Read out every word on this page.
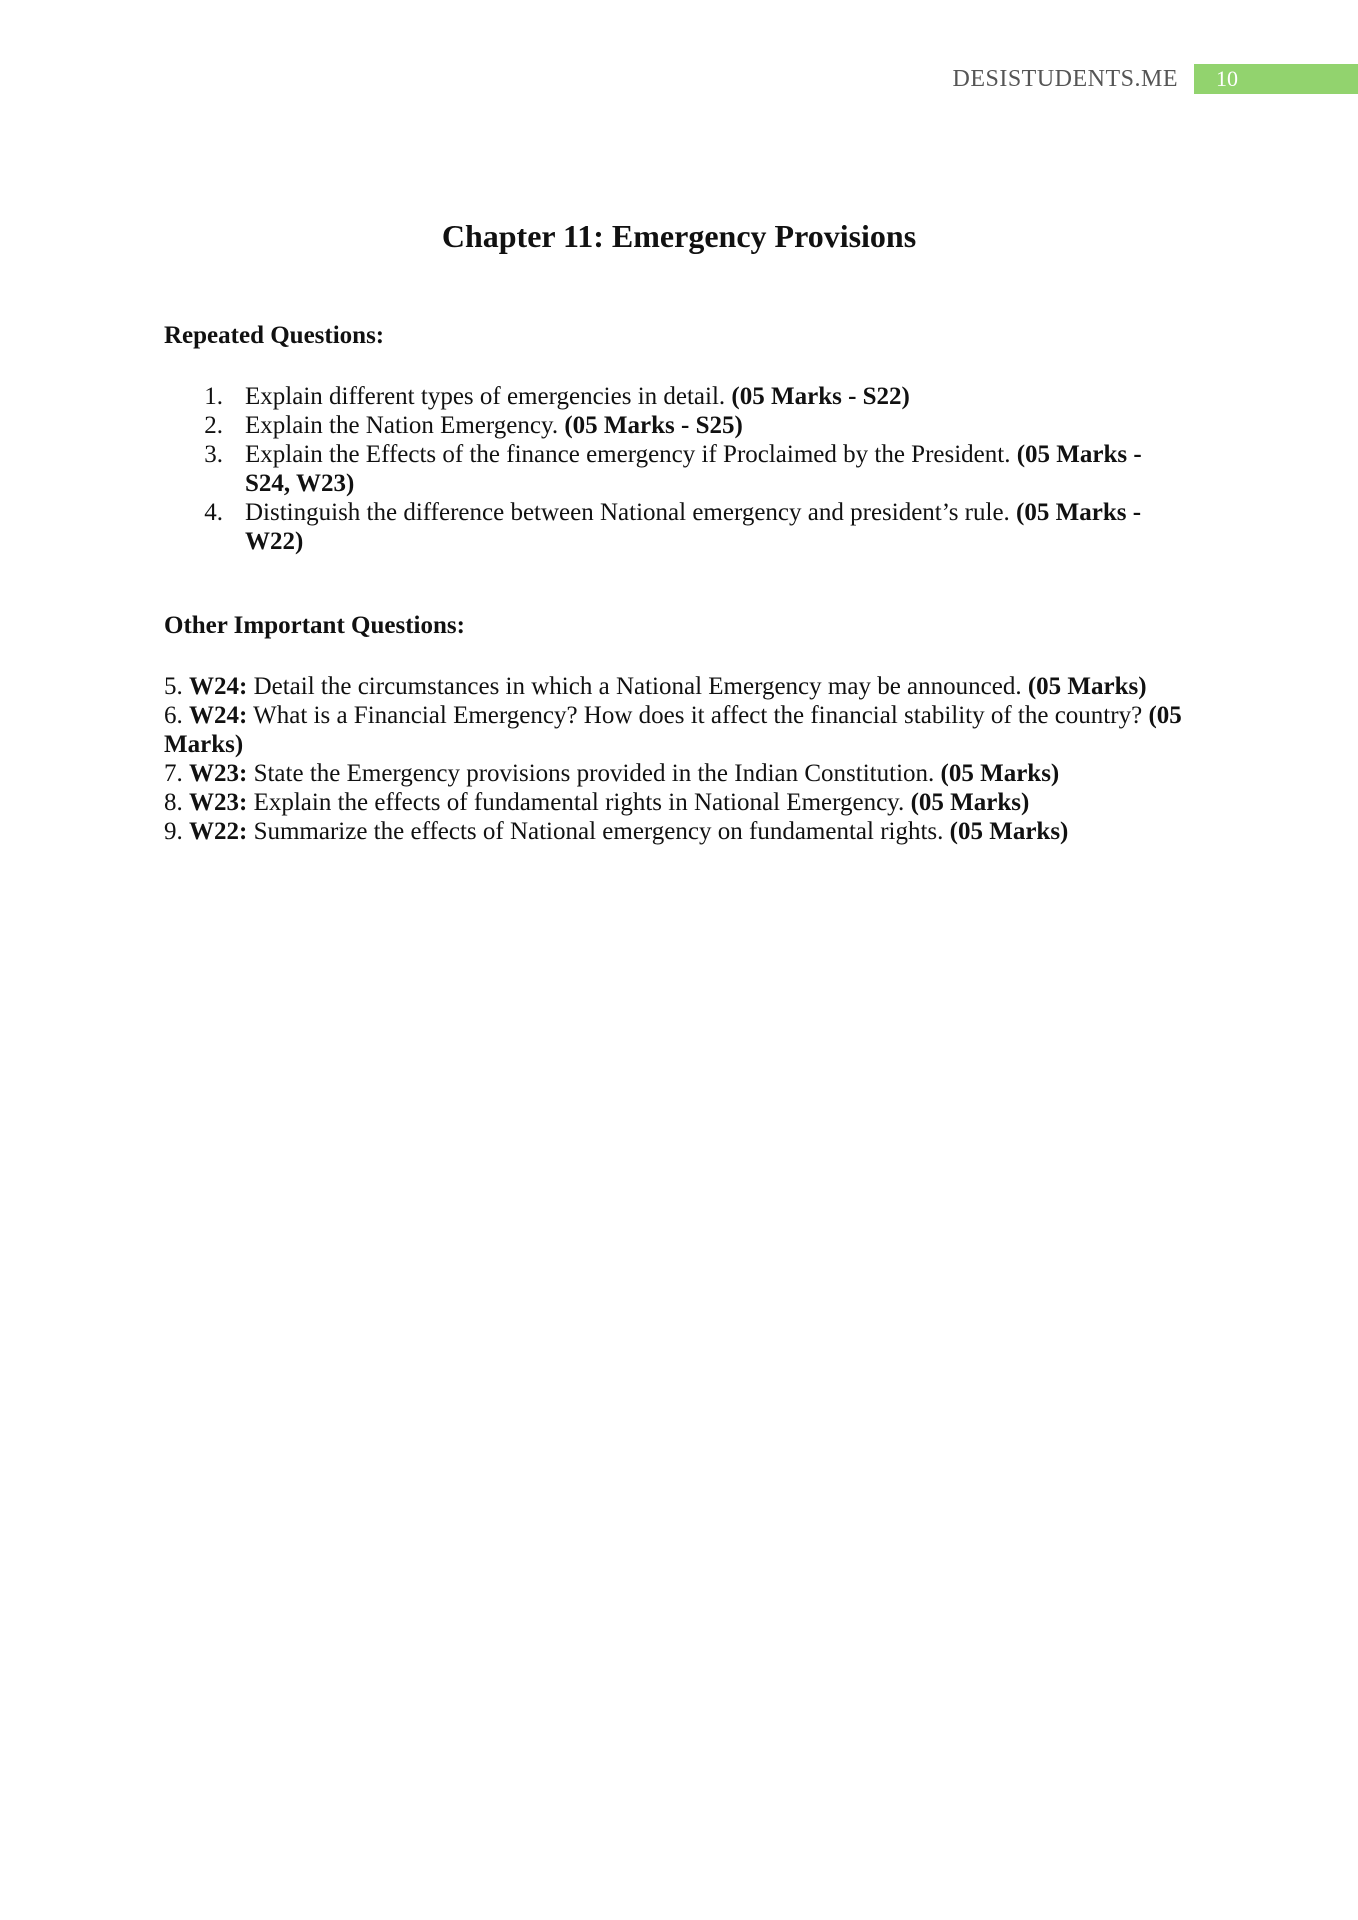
DESISTUDENTS.ME	10
Chapter 11: Emergency Provisions
Repeated Questions:
1. Explain different types of emergencies in detail. (05 Marks - S22)
2. Explain the Nation Emergency. (05 Marks - S25)
3. Explain the Effects of the finance emergency if Proclaimed by the President. (05 Marks - S24, W23)
4. Distinguish the difference between National emergency and president’s rule. (05 Marks - W22)
Other Important Questions:
5. W24: Detail the circumstances in which a National Emergency may be announced. (05 Marks)
6. W24: What is a Financial Emergency? How does it affect the financial stability of the country? (05 Marks)
7. W23: State the Emergency provisions provided in the Indian Constitution. (05 Marks)
8. W23: Explain the effects of fundamental rights in National Emergency. (05 Marks)
9. W22: Summarize the effects of National emergency on fundamental rights. (05 Marks)
